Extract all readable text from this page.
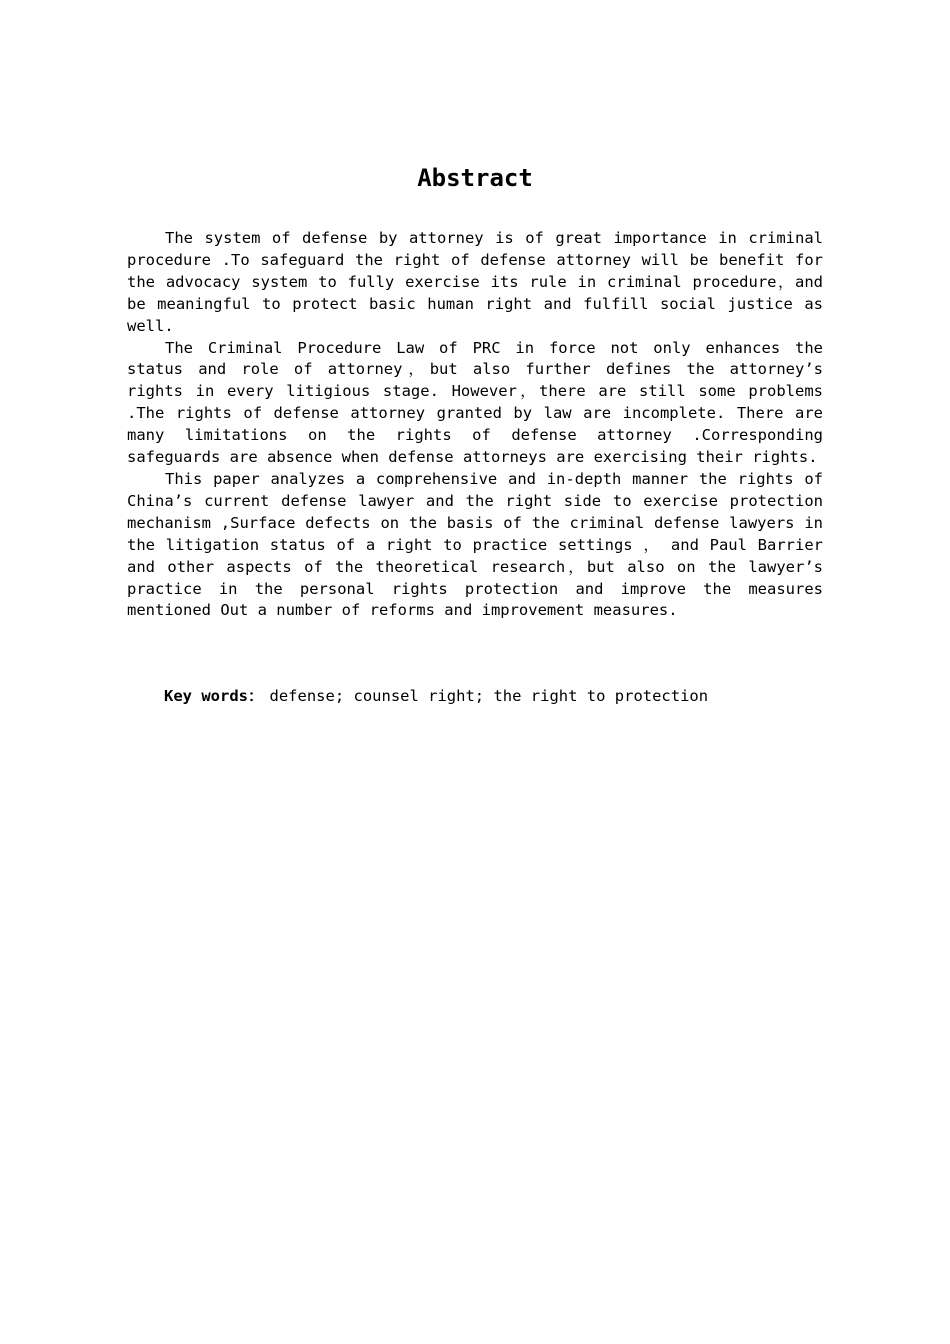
Abstract

The system of defense by attorney is of great importance in criminal procedure .To safeguard the right of defense attorney will be benefit for the advocacy system to fully exercise its rule in criminal procedure，and be meaningful to protect basic human right and fulfill social justice as well.

The Criminal Procedure Law of PRC in force not only enhances the status and role of attorney，but also further defines the attorney’s rights in every litigious stage. However，there are still some problems .The rights of defense attorney granted by law are incomplete. There are many limitations on the rights of defense attorney .Corresponding safeguards are absence when defense attorneys are exercising their rights.

This paper analyzes a comprehensive and in-depth manner the rights of China’s current defense lawyer and the right side to exercise protection mechanism ,Surface defects on the basis of the criminal defense lawyers in the litigation status of a right to practice settings ， and Paul Barrier and other aspects of the theoretical research，but also on the lawyer’s practice in the personal rights protection and improve the measures mentioned Out a number of reforms and improvement measures.

Key words： defense; counsel right; the right to protection
